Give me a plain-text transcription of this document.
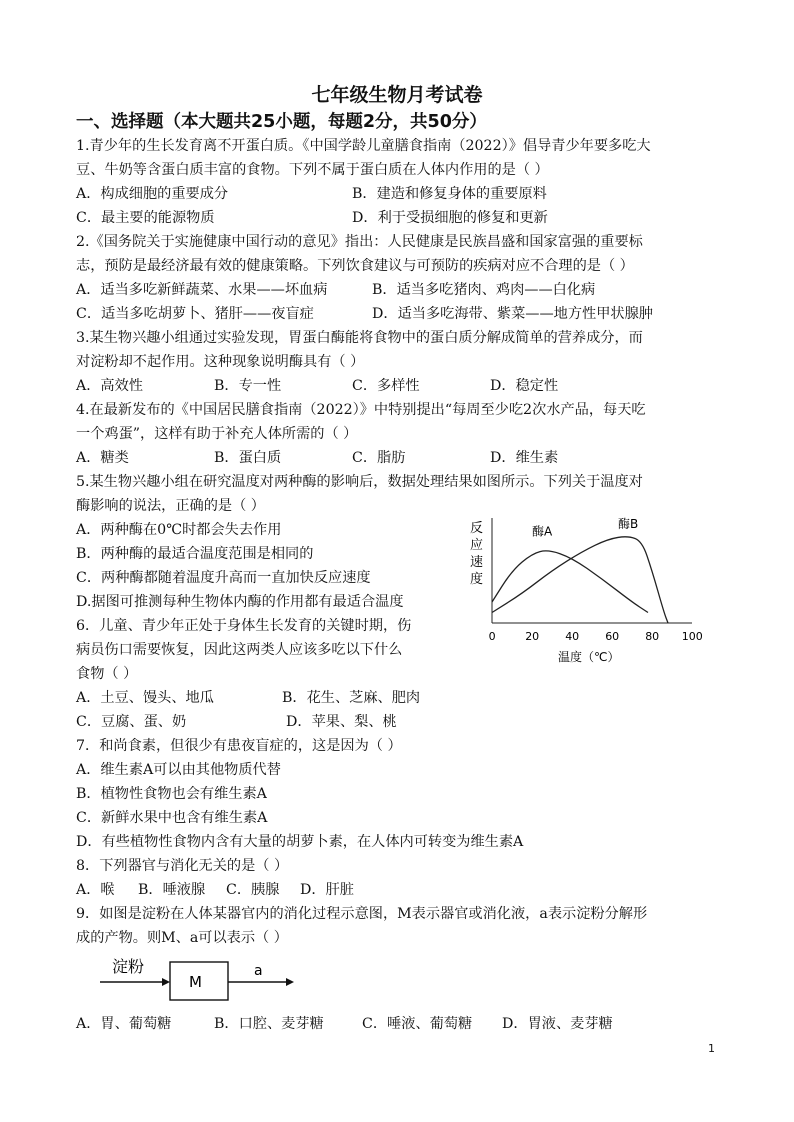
七年级生物月考试卷
一、选择题（本大题共25小题，每题2分，共50分）
1.青少年的生长发育离不开蛋白质。《中国学龄儿童膳食指南（2022）》倡导青少年要多吃大
豆、牛奶等含蛋白质丰富的食物。下列不属于蛋白质在人体内作用的是（ ）
A．构成细胞的重要成分	B．建造和修复身体的重要原料
C．最主要的能源物质	D．利于受损细胞的修复和更新
2.《国务院关于实施健康中国行动的意见》指出：人民健康是民族昌盛和国家富强的重要标
志，预防是最经济最有效的健康策略。下列饮食建议与可预防的疾病对应不合理的是（ ）
A．适当多吃新鲜蔬菜、水果——坏血病	B．适当多吃猪肉、鸡肉——白化病
C．适当多吃胡萝卜、猪肝——夜盲症	D．适当多吃海带、紫菜——地方性甲状腺肿
3.某生物兴趣小组通过实验发现，胃蛋白酶能将食物中的蛋白质分解成简单的营养成分，而
对淀粉却不起作用。这种现象说明酶具有（ ）
A．高效性	B．专一性	C．多样性	D．稳定性
4.在最新发布的《中国居民膳食指南（2022）》中特别提出“每周至少吃2次水产品，每天吃
一个鸡蛋”，这样有助于补充人体所需的（ ）
A．糖类	B．蛋白质	C．脂肪	D．维生素
5.某生物兴趣小组在研究温度对两种酶的影响后，数据处理结果如图所示。下列关于温度对
酶影响的说法，正确的是（ ）
A．两种酶在0℃时都会失去作用
B．两种酶的最适合温度范围是相同的
C．两种酶都随着温度升高而一直加快反应速度
D.据图可推测每种生物体内酶的作用都有最适合温度
反
应
速
度
0	20 40 60 80 100
酶A
酶B
温度（℃）
6．儿童、青少年正处于身体生长发育的关键时期，伤
病员伤口需要恢复，因此这两类人应该多吃以下什么
食物（ ）
A．土豆、馒头、地瓜	B．花生、芝麻、肥肉
C．豆腐、蛋、奶	D．苹果、梨、桃
7．和尚食素，但很少有患夜盲症的，这是因为（ ）
A．维生素A可以由其他物质代替
B．植物性食物也会有维生素A
C．新鲜水果中也含有维生素A
D．有些植物性食物内含有大量的胡萝卜素，在人体内可转变为维生素A
8．下列器官与消化无关的是（ ）
A．喉 B．唾液腺 C．胰腺 D．肝脏
9．如图是淀粉在人体某器官内的消化过程示意图，M表示器官或消化液，a表示淀粉分解形
成的产物。则M、a可以表示（ ）
淀粉
M
a
A．胃、葡萄糖	B．口腔、麦芽糖	C．唾液、葡萄糖 D．胃液、麦芽糖
1
